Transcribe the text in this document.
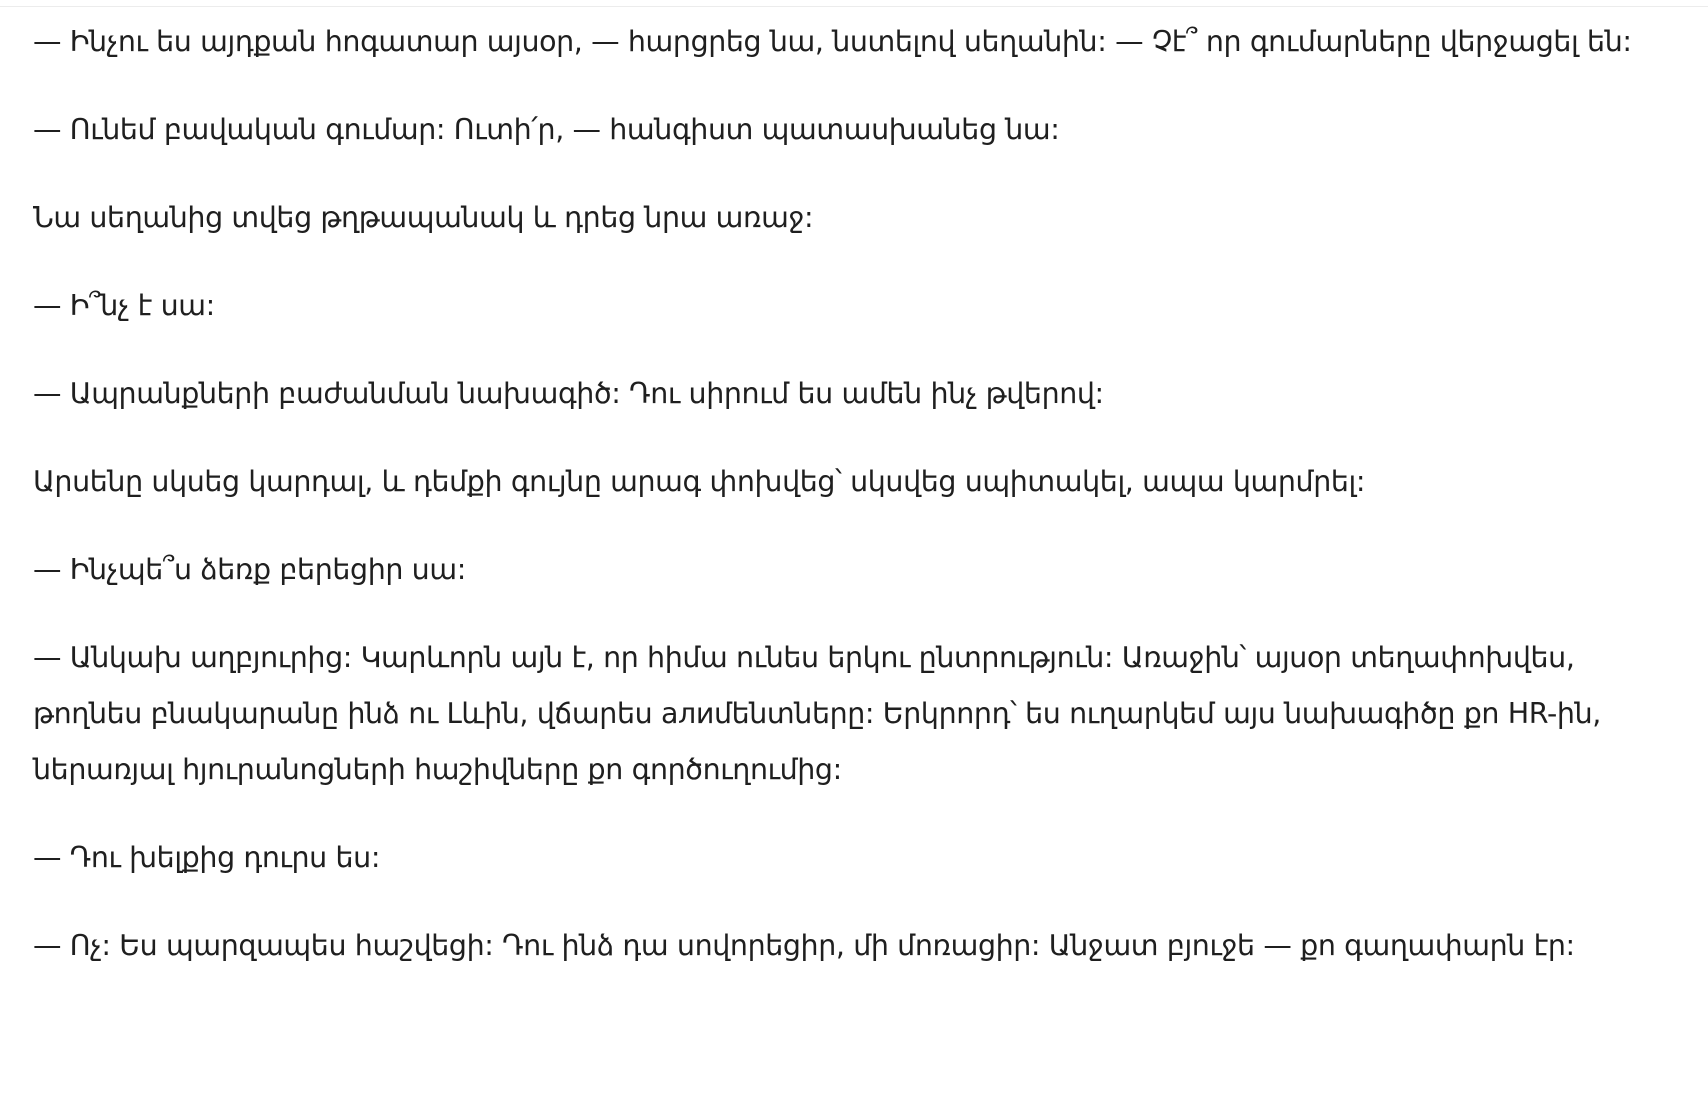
— Ինչու ես այդքան հոգատար այսօր, — հարցրեց նա, նստելով սեղանին: — Չէ՞ որ գումարները վերջացել են:

— Ունեմ բավական գումար: Ուտի՛ր, — հանգիստ պատասխանեց նա:

Նա սեղանից տվեց թղթապանակ և դրեց նրա առաջ:

— Ի՞նչ է սա:

— Ապրանքների բաժանման նախագիծ: Դու սիրում ես ամեն ինչ թվերով:

Արսենը սկսեց կարդալ, և դեմքի գույնը արագ փոխվեց՝ սկսվեց սպիտակել, ապա կարմրել:

— Ինչպե՞ս ձեռք բերեցիր սա:

— Անկախ աղբյուրից: Կարևորն այն է, որ հիմա ունես երկու ընտրություն: Առաջին՝ այսօր տեղափոխվես, թողնես բնակարանը ինձ ու Լևին, վճարես алиմենտները: Երկրորդ՝ ես ուղարկեմ այս նախագիծը քո HR-ին, ներառյալ հյուրանոցների հաշիվները քո գործուղումից:

— Դու խելքից դուրս ես:

— Ոչ: Ես պարզապես հաշվեցի: Դու ինձ դա սովորեցիր, մի մոռացիր: Անջատ բյուջե — քո գաղափարն էր:
